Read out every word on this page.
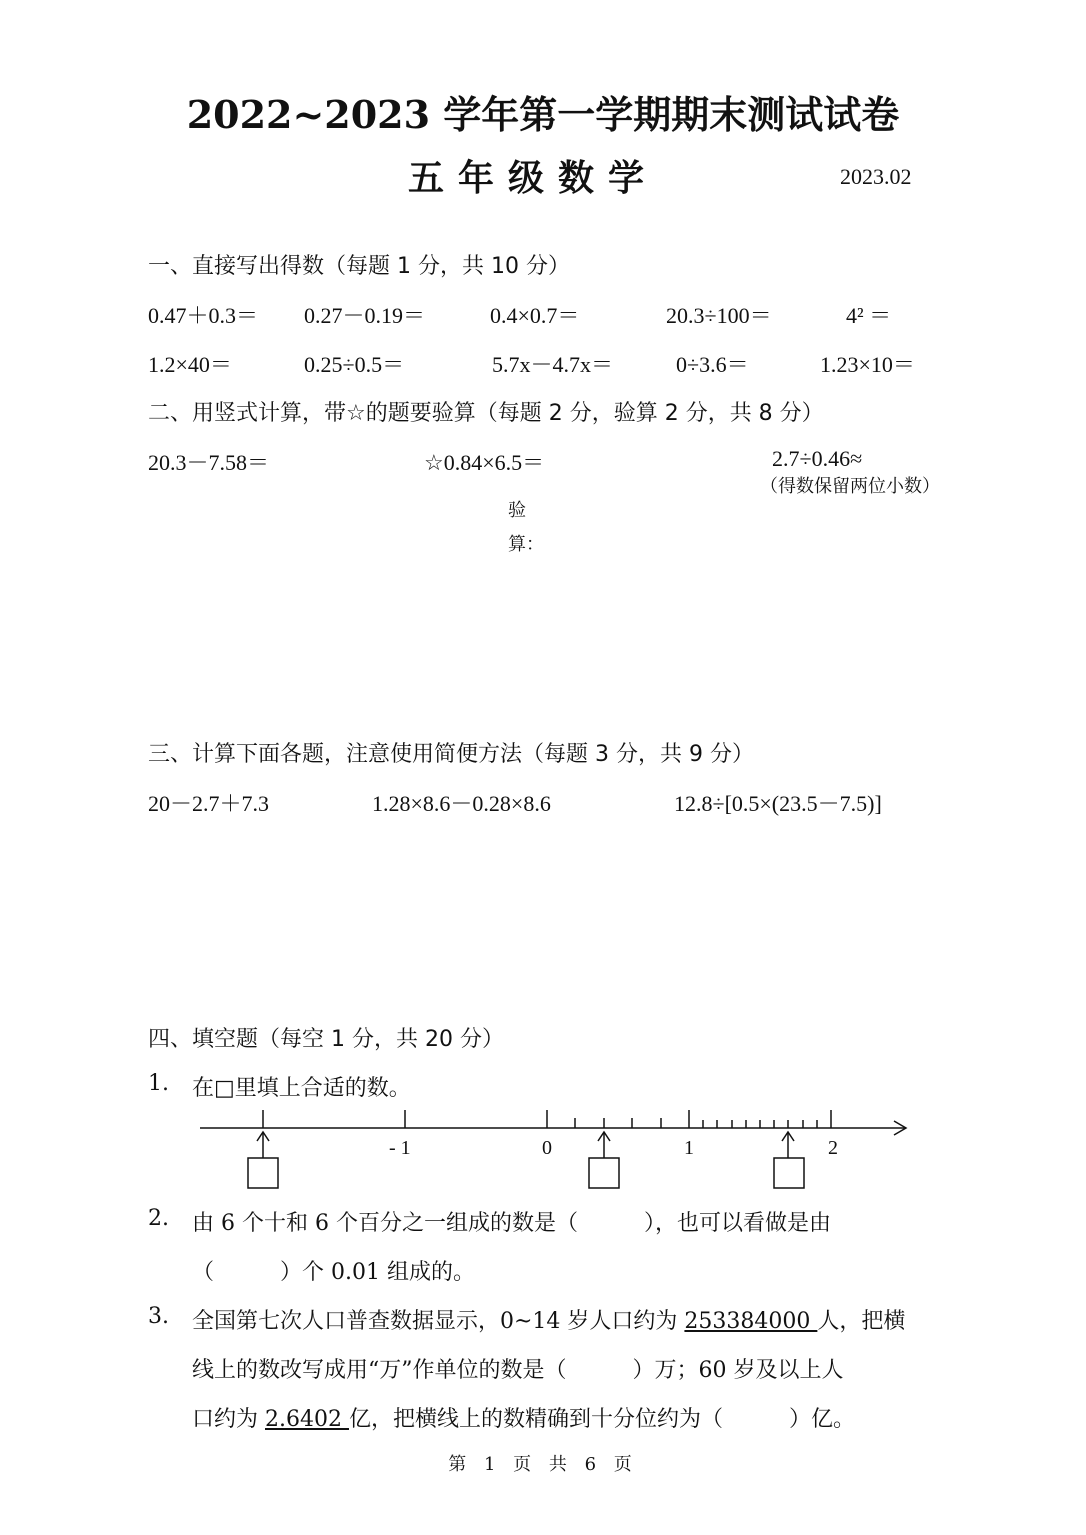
2022~2023 学年第一学期期末测试试卷
五年级数学	2023.02
一、直接写出得数（每题 1 分，共 10 分）
0.47＋0.3＝ 0.27－0.19＝	0.4×0.7＝	20.3÷100＝	4² ＝
1.2×40＝	0.25÷0.5＝	5.7x－4.7x＝	0÷3.6＝	1.23×10＝
二、用竖式计算，带☆的题要验算（每题 2 分，验算 2 分，共 8 分）
20.3－7.58＝	☆0.84×6.5＝	2.7÷0.46≈
（得数保留两位小数）
验
算：
三、计算下面各题，注意使用简便方法（每题 3 分，共 9 分）
20－2.7＋7.3	1.28×8.6－0.28×8.6	12.8÷[0.5×(23.5－7.5)]
四、填空题（每空 1 分，共 20 分）
1. 在□里填上合适的数。
- 1	0	1	2
2. 由 6 个十和 6 个百分之一组成的数是（　　　），也可以看做是由
（　　　）个 0.01 组成的。
3. 全国第七次人口普查数据显示，0~14 岁人口约为 253384000 人，把横
线上的数改写成用“万”作单位的数是（　　　）万；60 岁及以上人
口约为 2.6402 亿，把横线上的数精确到十分位约为（　　　）亿。
第 1 页 共 6 页
